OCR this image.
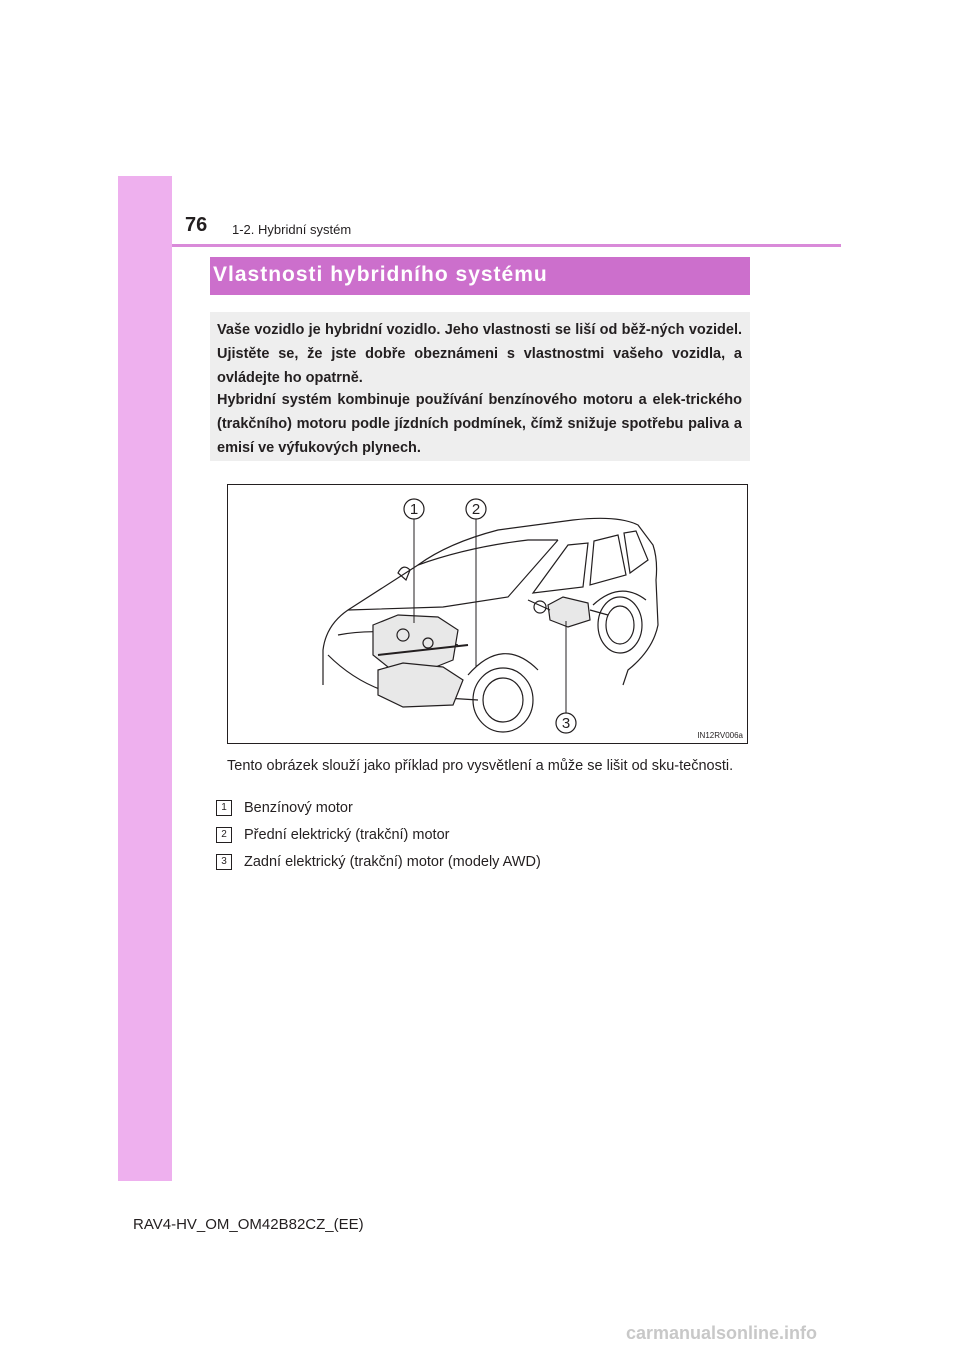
76 1-2. Hybridní systém
Vlastnosti hybridního systému

Vaše vozidlo je hybridní vozidlo. Jeho vlastnosti se liší od běž-ných vozidel. Ujistěte se, že jste dobře obeznámeni s vlastnostmi vašeho vozidla, a ovládejte ho opatrně.

Hybridní systém kombinuje používání benzínového motoru a elek-trického (trakčního) motoru podle jízdních podmínek, čímž snižuje spotřebu paliva a emisí ve výfukových plynech.

1	2
3
IN12RV006a

Tento obrázek slouží jako příklad pro vysvětlení a může se lišit od sku-tečnosti.

1 Benzínový motor
2 Přední elektrický (trakční) motor
3 Zadní elektrický (trakční) motor (modely AWD)
RAV4-HV_OM_OM42B82CZ_(EE)
carmanualsonline.info
